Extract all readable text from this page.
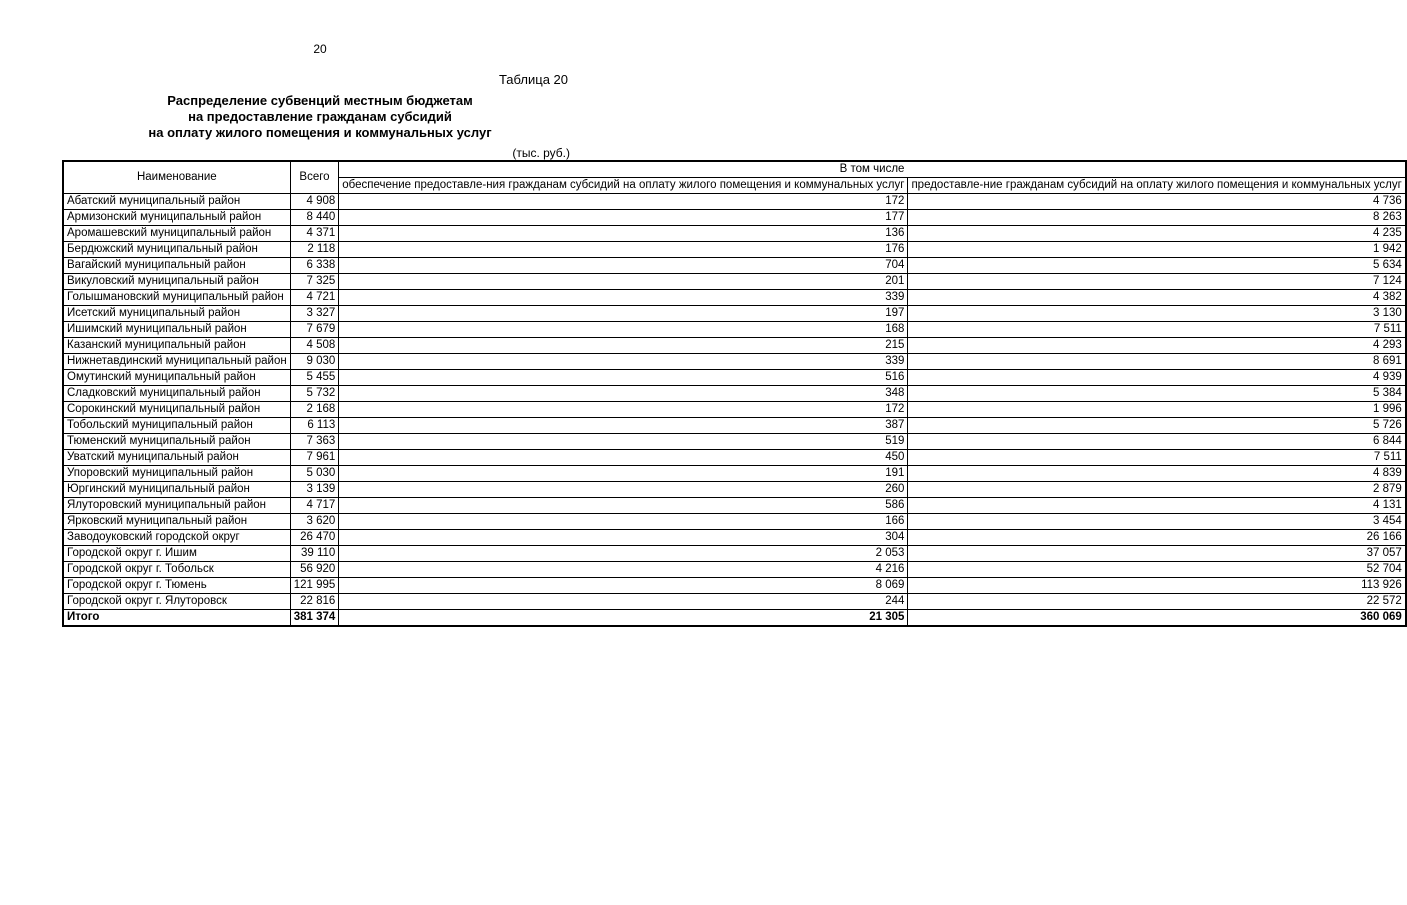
20
Таблица 20
Распределение субвенций местным бюджетам
на предоставление гражданам субсидий
на оплату жилого помещения и коммунальных услуг
(тыс. руб.)
Наименование	Всего	В том числе	
		обеспечение предоставле-ния гражданам субсидий на оплату жилого помещения и коммунальных услуг	предоставле-ние гражданам субсидий на оплату жилого помещения и коммунальных услуг
Абатский муниципальный район	4 908	172	4 736
Армизонский муниципальный район	8 440	177	8 263
Аромашевский муниципальный район	4 371	136	4 235
Бердюжский муниципальный район	2 118	176	1 942
Вагайский муниципальный район	6 338	704	5 634
Викуловский муниципальный район	7 325	201	7 124
Голышмановский муниципальный район	4 721	339	4 382
Исетский муниципальный район	3 327	197	3 130
Ишимский муниципальный район	7 679	168	7 511
Казанский муниципальный район	4 508	215	4 293
Нижнетавдинский муниципальный район	9 030	339	8 691
Омутинский муниципальный район	5 455	516	4 939
Сладковский муниципальный район	5 732	348	5 384
Сорокинский муниципальный район	2 168	172	1 996
Тобольский муниципальный район	6 113	387	5 726
Тюменский муниципальный район	7 363	519	6 844
Уватский муниципальный район	7 961	450	7 511
Упоровский муниципальный район	5 030	191	4 839
Юргинский муниципальный район	3 139	260	2 879
Ялуторовский муниципальный район	4 717	586	4 131
Ярковский муниципальный район	3 620	166	3 454
Заводоуковский городской округ	26 470	304	26 166
Городской округ г. Ишим	39 110	2 053	37 057
Городской округ г. Тобольск	56 920	4 216	52 704
Городской округ г. Тюмень	121 995	8 069	113 926
Городской округ г. Ялуторовск	22 816	244	22 572
Итого	381 374	21 305	360 069
